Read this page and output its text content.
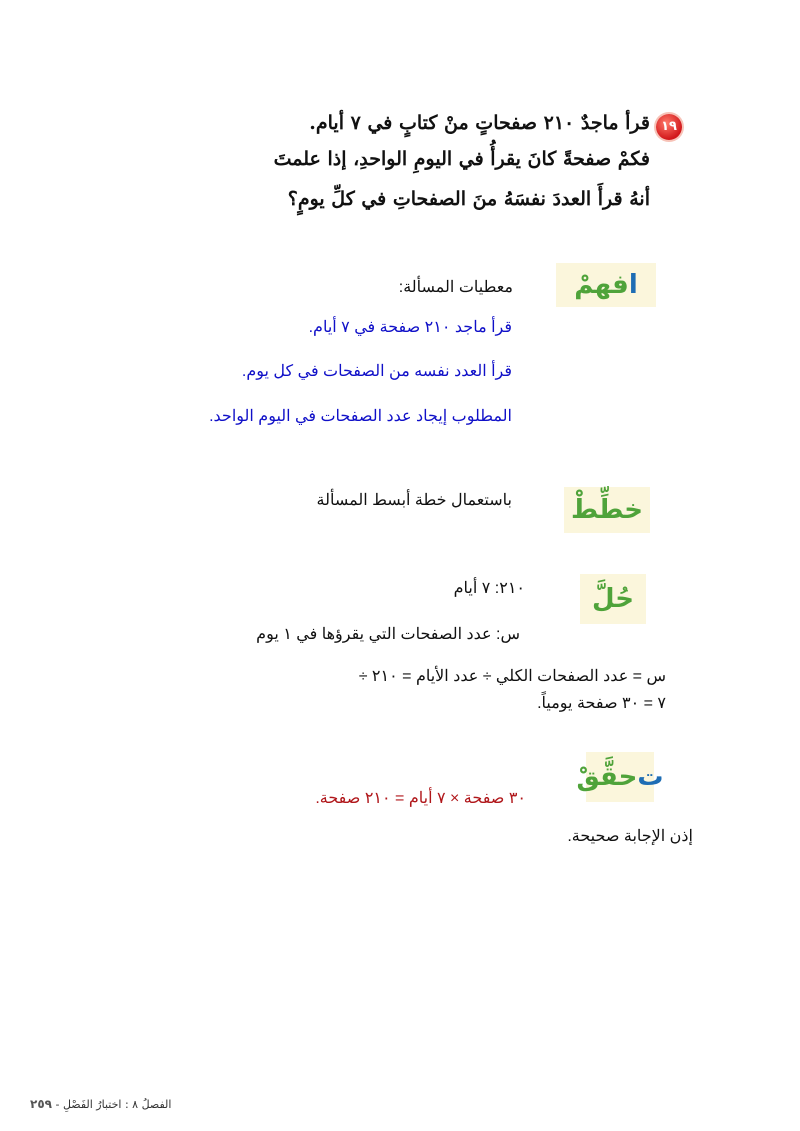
١٩
قرأ ماجدٌ ٢١٠ صفحاتٍ منْ كتابٍ في ٧ أيام.
فكمْ صفحةً كانَ يقرأُ في اليومِ الواحدِ، إذا علمتَ
أنهُ قرأَ العددَ نفسَهُ منَ الصفحاتِ في كلِّ يومٍ؟
ا
فهمْ
معطيات المسألة:
قرأ ماجد ٢١٠ صفحة في ٧ أيام.
قرأ العدد نفسه من الصفحات في كل يوم.
المطلوب إيجاد عدد الصفحات في اليوم الواحد.
خطِّطْ
باستعمال خطة أبسط المسألة
حُلَّ
٢١٠: ٧ أيام
س: عدد الصفحات التي يقرؤها في ١ يوم
س = عدد الصفحات الكلي ÷ عدد الأيام = ٢١٠ ÷
٧ = ٣٠ صفحة يومياً.
ت
حقَّقْ
٣٠ صفحة × ٧ أيام = ٢١٠ صفحة.
إذن الإجابة صحيحة.
الفصلُ ٨ : اختبارُ الفَصْلِ - ٢٥٩
